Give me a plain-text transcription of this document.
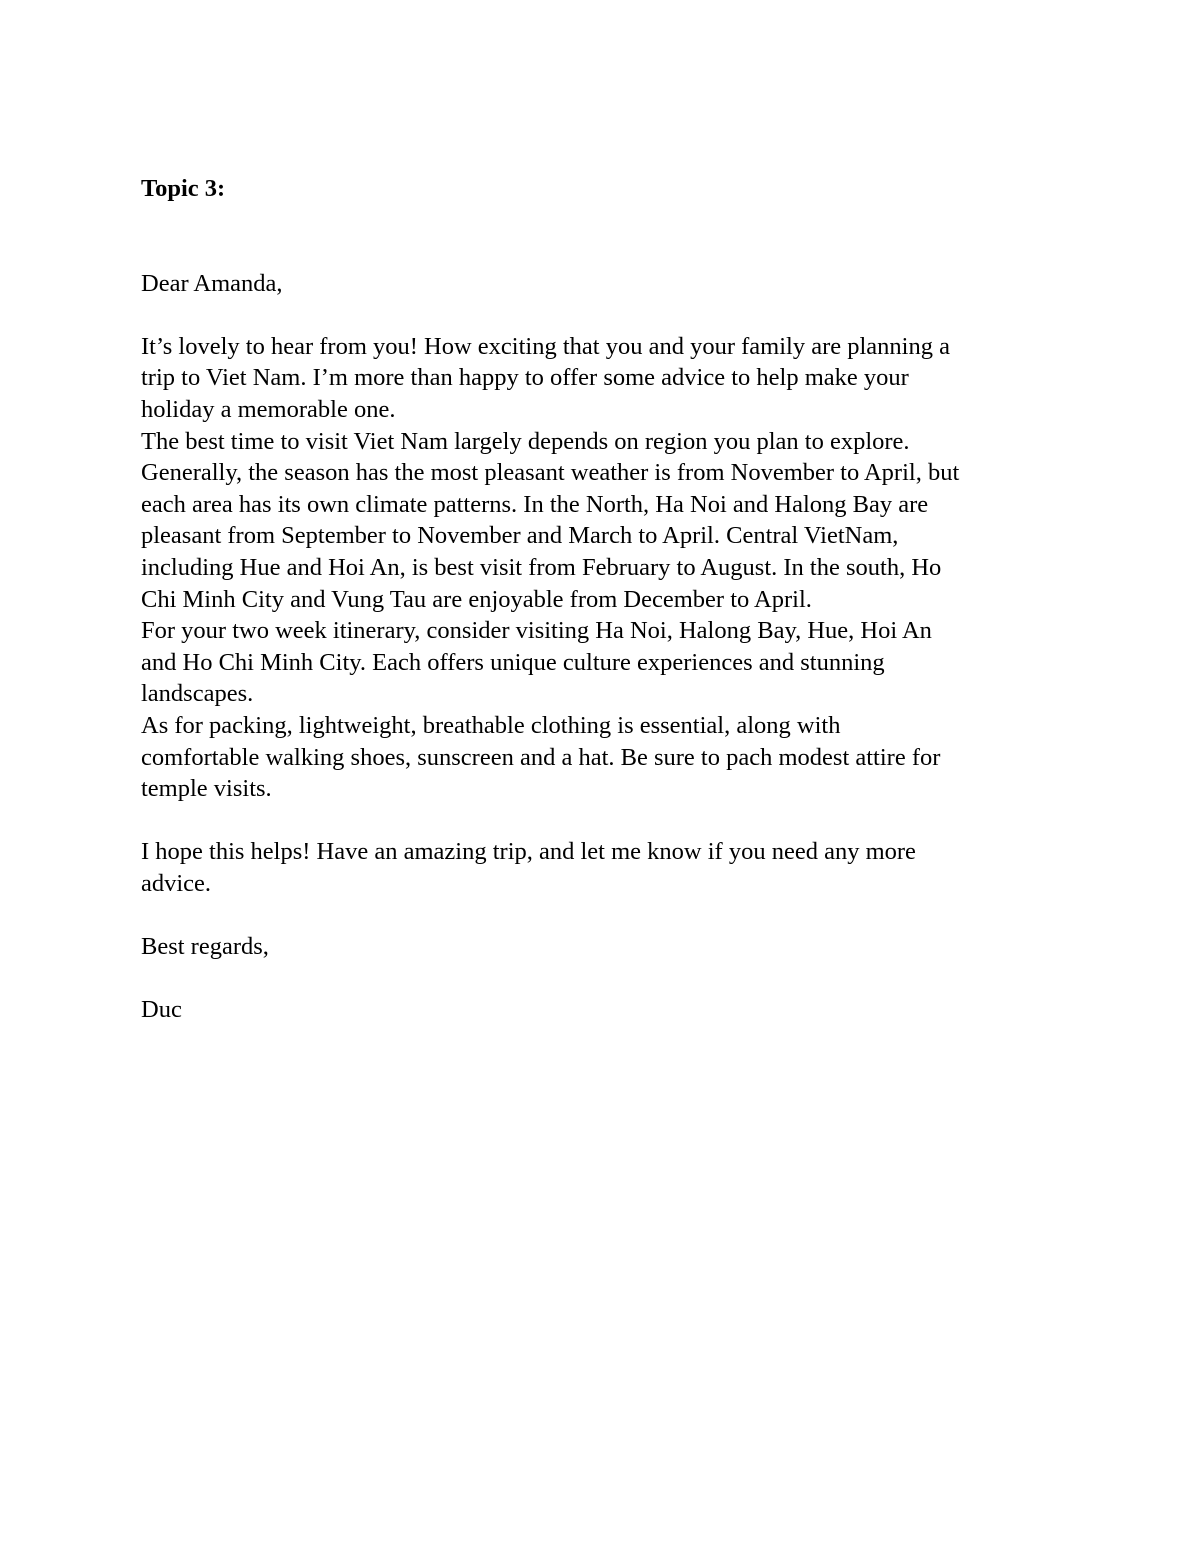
Topic 3:

Dear Amanda,

It’s lovely to hear from you! How exciting that you and your family are planning a
trip to Viet Nam. I’m more than happy to offer some advice to help make your
holiday a memorable one.

The best time to visit Viet Nam largely depends on region you plan to explore.
Generally, the season has the most pleasant weather is from November to April, but
each area has its own climate patterns. In the North, Ha Noi and Halong Bay are
pleasant from September to November and March to April. Central VietNam,
including Hue and Hoi An, is best visit from February to August. In the south, Ho
Chi Minh City and Vung Tau are enjoyable from December to April.

For your two week itinerary, consider visiting Ha Noi, Halong Bay, Hue, Hoi An
and Ho Chi Minh City. Each offers unique culture experiences and stunning
landscapes.

As for packing, lightweight, breathable clothing is essential, along with
comfortable walking shoes, sunscreen and a hat. Be sure to pach modest attire for
temple visits.

I hope this helps! Have an amazing trip, and let me know if you need any more
advice.

Best regards,

Duc
